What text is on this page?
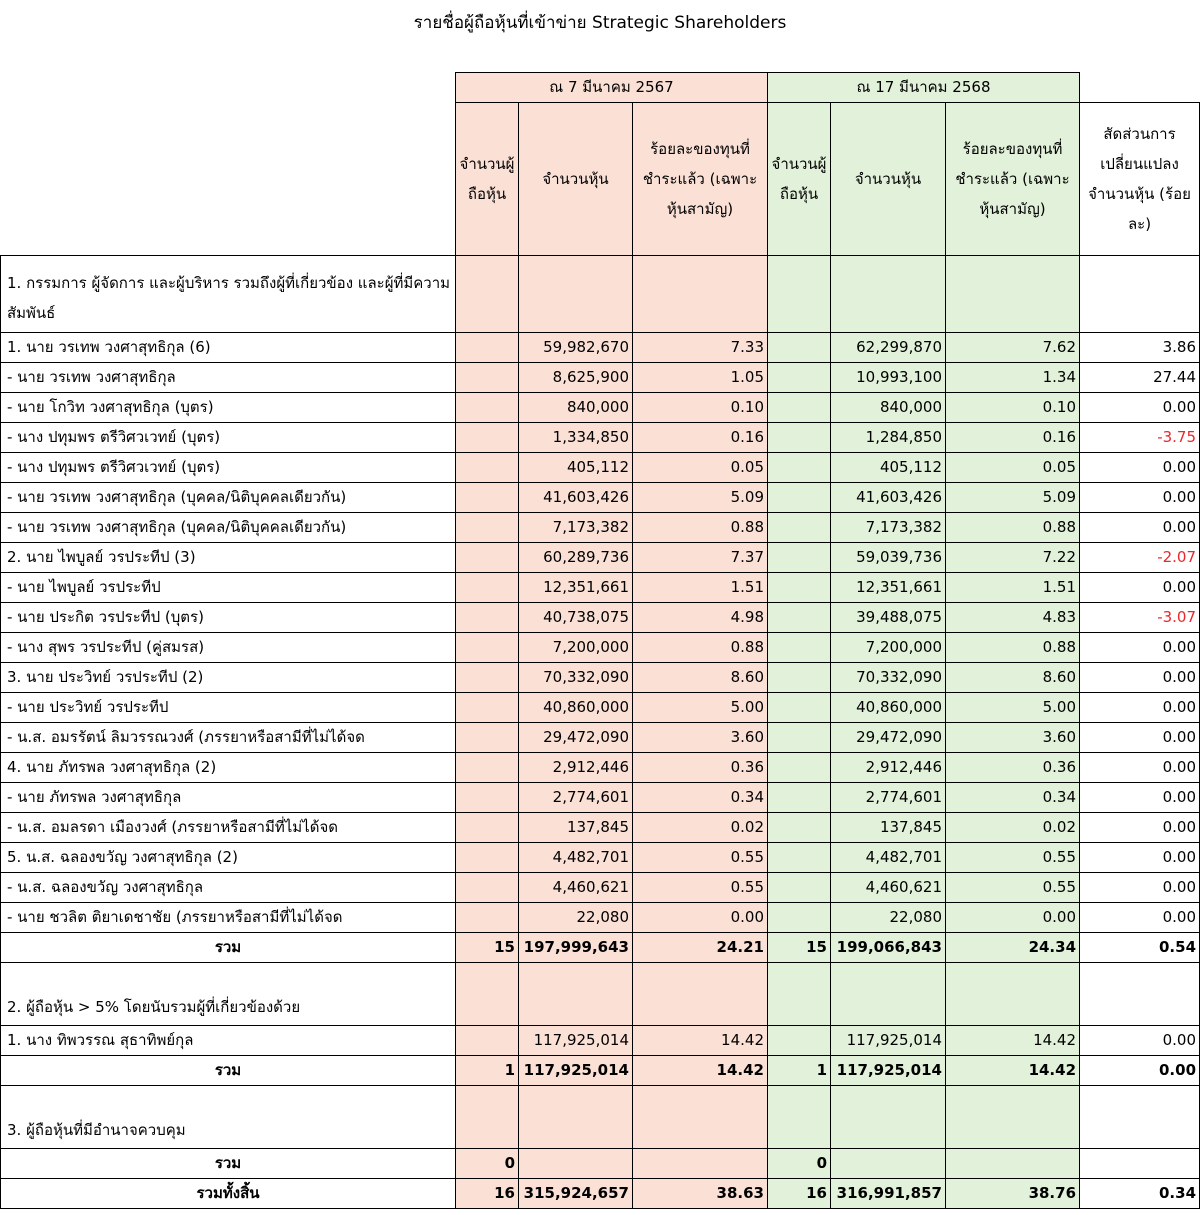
รายชื่อผู้ถือหุ้นที่เข้าข่าย Strategic Shareholders
	ณ 7 มีนาคม 2567			ณ 17 มีนาคม 2568			
	จำนวนผู้ถือหุ้น	จำนวนหุ้น	ร้อยละของทุนที่ชำระแล้ว (เฉพาะหุ้นสามัญ)	จำนวนผู้ถือหุ้น	จำนวนหุ้น	ร้อยละของทุนที่ชำระแล้ว (เฉพาะหุ้นสามัญ)	สัดส่วนการเปลี่ยนแปลงจำนวนหุ้น (ร้อยละ)
1. กรรมการ ผู้จัดการ และผู้บริหาร รวมถึงผู้ที่เกี่ยวข้อง และผู้ที่มีความสัมพันธ์							
1. นาย วรเทพ วงศาสุทธิกุล (6)		59,982,670	7.33		62,299,870	7.62	3.86
- นาย วรเทพ วงศาสุทธิกุล		8,625,900	1.05		10,993,100	1.34	27.44
- นาย โกวิท วงศาสุทธิกุล (บุตร)		840,000	0.10		840,000	0.10	0.00
- นาง ปทุมพร ตรีวิศวเวทย์ (บุตร)		1,334,850	0.16		1,284,850	0.16	-3.75
- นาง ปทุมพร ตรีวิศวเวทย์ (บุตร)		405,112	0.05		405,112	0.05	0.00
- นาย วรเทพ วงศาสุทธิกุล (บุคคล/นิติบุคคลเดียวกัน)		41,603,426	5.09		41,603,426	5.09	0.00
- นาย วรเทพ วงศาสุทธิกุล (บุคคล/นิติบุคคลเดียวกัน)		7,173,382	0.88		7,173,382	0.88	0.00
2. นาย ไพบูลย์ วรประทีป (3)		60,289,736	7.37		59,039,736	7.22	-2.07
- นาย ไพบูลย์ วรประทีป		12,351,661	1.51		12,351,661	1.51	0.00
- นาย ประกิต วรประทีป (บุตร)		40,738,075	4.98		39,488,075	4.83	-3.07
- นาง สุพร วรประทีป (คู่สมรส)		7,200,000	0.88		7,200,000	0.88	0.00
3. นาย ประวิทย์ วรประทีป (2)		70,332,090	8.60		70,332,090	8.60	0.00
- นาย ประวิทย์ วรประทีป		40,860,000	5.00		40,860,000	5.00	0.00
- น.ส. อมรรัตน์ ลิมวรรณวงศ์ (ภรรยาหรือสามีที่ไม่ได้จด		29,472,090	3.60		29,472,090	3.60	0.00
4. นาย ภัทรพล วงศาสุทธิกุล (2)		2,912,446	0.36		2,912,446	0.36	0.00
- นาย ภัทรพล วงศาสุทธิกุล		2,774,601	0.34		2,774,601	0.34	0.00
- น.ส. อมลรดา เมืองวงศ์ (ภรรยาหรือสามีที่ไม่ได้จด		137,845	0.02		137,845	0.02	0.00
5. น.ส. ฉลองขวัญ วงศาสุทธิกุล (2)		4,482,701	0.55		4,482,701	0.55	0.00
- น.ส. ฉลองขวัญ วงศาสุทธิกุล		4,460,621	0.55		4,460,621	0.55	0.00
- นาย ชวลิต ติยาเดชาชัย (ภรรยาหรือสามีที่ไม่ได้จด		22,080	0.00		22,080	0.00	0.00
รวม	15	197,999,643	24.21	15	199,066,843	24.34	0.54
2. ผู้ถือหุ้น > 5% โดยนับรวมผู้ที่เกี่ยวข้องด้วย							
1. นาง ทิพวรรณ สุธาทิพย์กุล		117,925,014	14.42		117,925,014	14.42	0.00
รวม	1	117,925,014	14.42	1	117,925,014	14.42	0.00
3. ผู้ถือหุ้นที่มีอำนาจควบคุม							
รวม	0			0			
รวมทั้งสิ้น	16	315,924,657	38.63	16	316,991,857	38.76	0.34
